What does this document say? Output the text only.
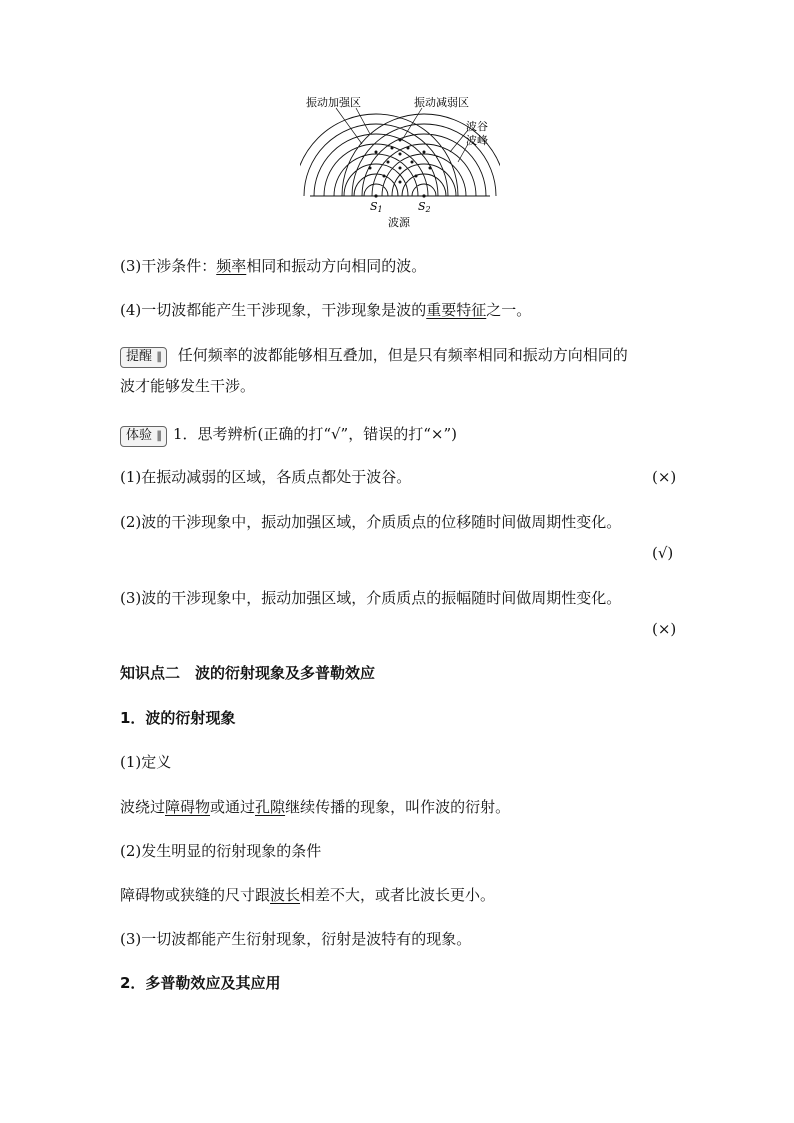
振动加强区	振动减弱区
波谷
波峰
S1	S2
波源
(3)干涉条件：频率相同和振动方向相同的波。
(4)一切波都能产生干涉现象，干涉现象是波的重要特征之一。
提醒 ▐ 任何频率的波都能够相互叠加，但是只有频率相同和振动方向相同的
波才能够发生干涉。
体验 ▐ 1．思考辨析(正确的打“√”，错误的打“×”)
(1)在振动减弱的区域，各质点都处于波谷。	(×)
(2)波的干涉现象中，振动加强区域，介质质点的位移随时间做周期性变化。
(√)
(3)波的干涉现象中，振动加强区域，介质质点的振幅随时间做周期性变化。
(×)
知识点二　波的衍射现象及多普勒效应
1．波的衍射现象
(1)定义
波绕过障碍物或通过孔隙继续传播的现象，叫作波的衍射。
(2)发生明显的衍射现象的条件
障碍物或狭缝的尺寸跟波长相差不大，或者比波长更小。
(3)一切波都能产生衍射现象，衍射是波特有的现象。
2．多普勒效应及其应用
